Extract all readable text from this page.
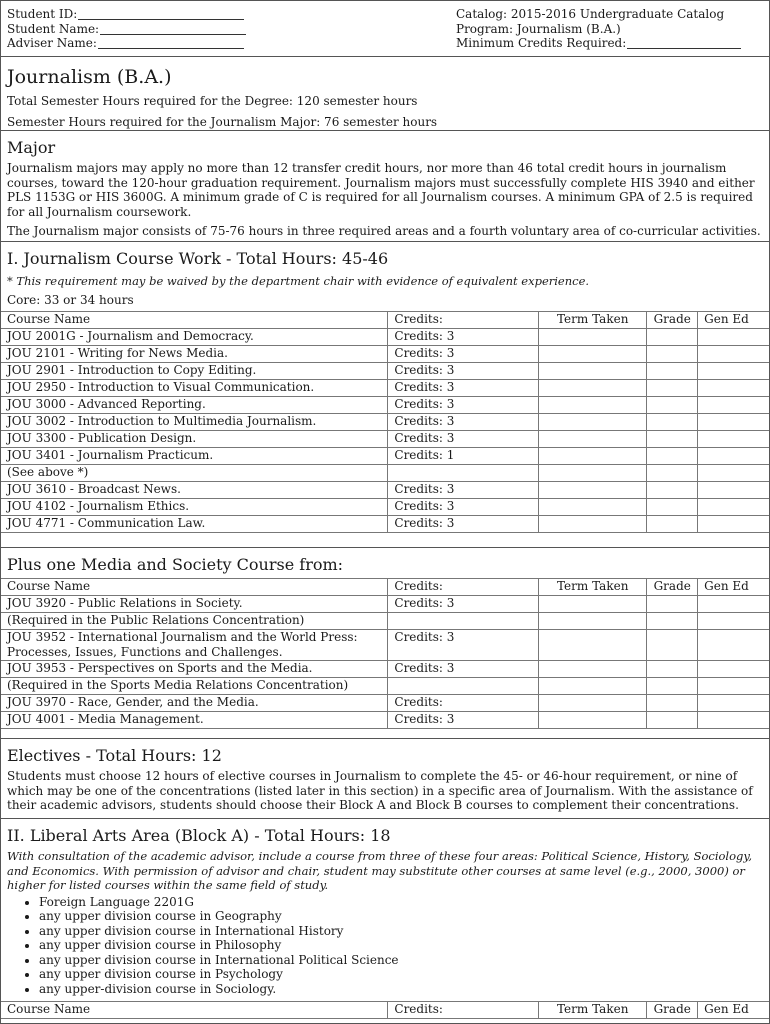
Student ID:
Student Name:
Adviser Name:
Catalog: 2015-2016 Undergraduate Catalog
Program: Journalism (B.A.)
Minimum Credits Required:
Journalism (B.A.)
Total Semester Hours required for the Degree: 120 semester hours
Semester Hours required for the Journalism Major: 76 semester hours
Major
Journalism majors may apply no more than 12 transfer credit hours, nor more than 46 total credit hours in journalism courses, toward the 120-hour graduation requirement. Journalism majors must successfully complete HIS 3940 and either PLS 1153G or HIS 3600G. A minimum grade of C is required for all Journalism courses. A minimum GPA of 2.5 is required for all Journalism coursework.
The Journalism major consists of 75-76 hours in three required areas and a fourth voluntary area of co-curricular activities.
I. Journalism Course Work - Total Hours: 45-46
* This requirement may be waived by the department chair with evidence of equivalent experience.
Core: 33 or 34 hours
Course Name	Credits:	Term Taken	Grade	Gen Ed
JOU 2001G - Journalism and Democracy.	Credits: 3			
JOU 2101 - Writing for News Media.	Credits: 3			
JOU 2901 - Introduction to Copy Editing.	Credits: 3			
JOU 2950 - Introduction to Visual Communication.	Credits: 3			
JOU 3000 - Advanced Reporting.	Credits: 3			
JOU 3002 - Introduction to Multimedia Journalism.	Credits: 3			
JOU 3300 - Publication Design.	Credits: 3			
JOU 3401 - Journalism Practicum.	Credits: 1			
(See above *)				
JOU 3610 - Broadcast News.	Credits: 3			
JOU 4102 - Journalism Ethics.	Credits: 3			
JOU 4771 - Communication Law.	Credits: 3			
Plus one Media and Society Course from:
Course Name	Credits:	Term Taken	Grade	Gen Ed
JOU 3920 - Public Relations in Society.	Credits: 3			
(Required in the Public Relations Concentration)				
JOU 3952 - International Journalism and the World Press: Processes, Issues, Functions and Challenges.	Credits: 3			
JOU 3953 - Perspectives on Sports and the Media.	Credits: 3			
(Required in the Sports Media Relations Concentration)				
JOU 3970 - Race, Gender, and the Media.	Credits:			
JOU 4001 - Media Management.	Credits: 3			
Electives - Total Hours: 12
Students must choose 12 hours of elective courses in Journalism to complete the 45- or 46-hour requirement, or nine of which may be one of the concentrations (listed later in this section) in a specific area of Journalism. With the assistance of their academic advisors, students should choose their Block A and Block B courses to complement their concentrations.
II. Liberal Arts Area (Block A) - Total Hours: 18
With consultation of the academic advisor, include a course from three of these four areas: Political Science, History, Sociology, and Economics. With permission of advisor and chair, student may substitute other courses at same level (e.g., 2000, 3000) or higher for listed courses within the same field of study.
• Foreign Language 2201G
• any upper division course in Geography
• any upper division course in International History
• any upper division course in Philosophy
• any upper division course in International Political Science
• any upper division course in Psychology
• any upper-division course in Sociology.
Course Name	Credits:	Term Taken	Grade	Gen Ed
